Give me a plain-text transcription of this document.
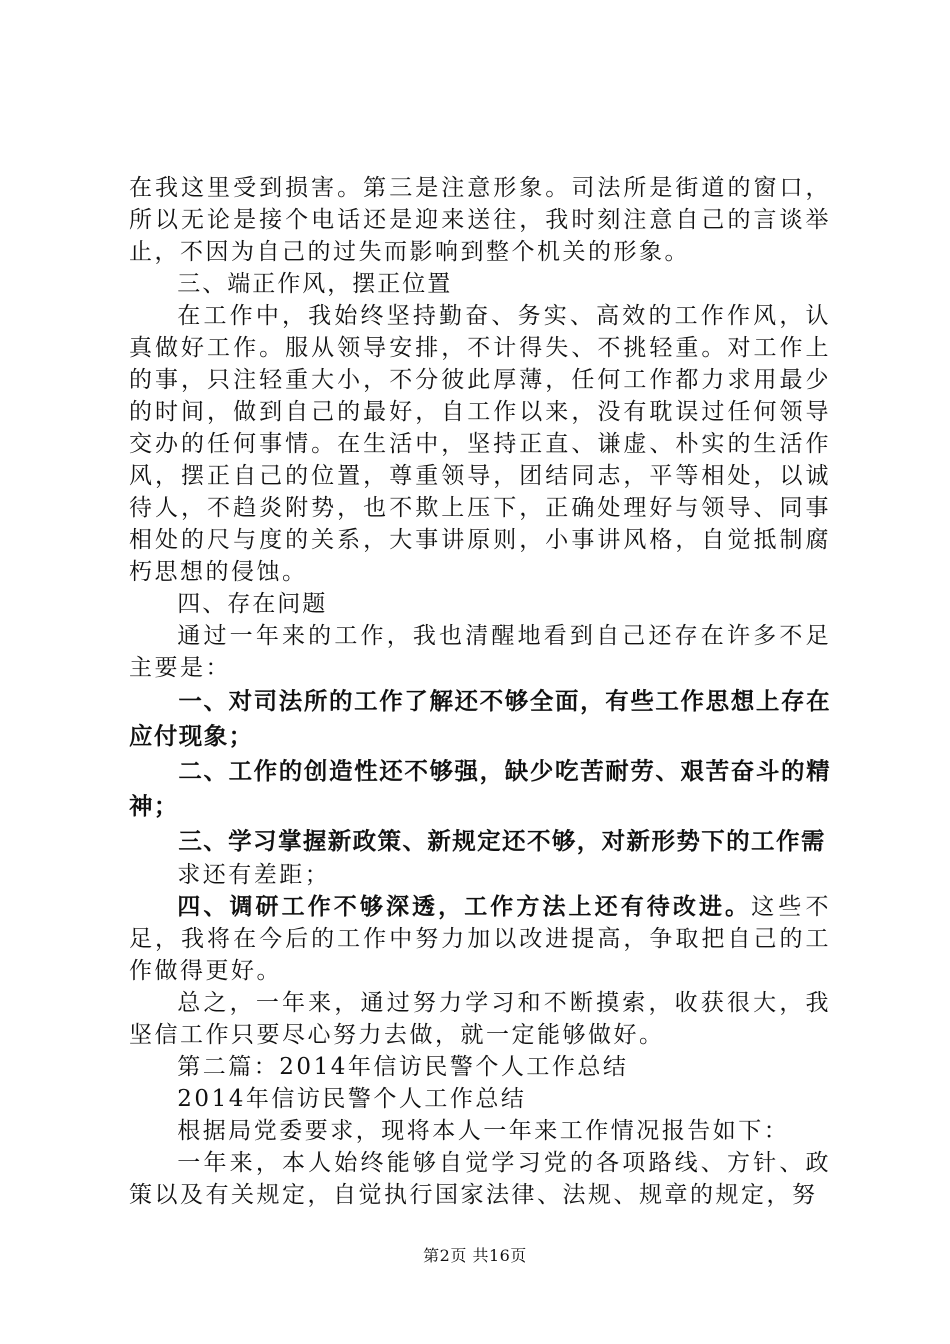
在我这里受到损害。第三是注意形象。司法所是街道的窗口，所以无论是接个电话还是迎来送往，我时刻注意自己的言谈举止，不因为自己的过失而影响到整个机关的形象。

三、端正作风，摆正位置

在工作中，我始终坚持勤奋、务实、高效的工作作风，认真做好工作。服从领导安排，不计得失、不挑轻重。对工作上的事，只注轻重大小，不分彼此厚薄，任何工作都力求用最少的时间，做到自己的最好，自工作以来，没有耽误过任何领导交办的任何事情。在生活中，坚持正直、谦虚、朴实的生活作风，摆正自己的位置，尊重领导，团结同志，平等相处，以诚待人，不趋炎附势，也不欺上压下，正确处理好与领导、同事相处的尺与度的关系，大事讲原则，小事讲风格，自觉抵制腐朽思想的侵蚀。

四、存在问题

通过一年来的工作，我也清醒地看到自己还存在许多不足主要是：

一、对司法所的工作了解还不够全面，有些工作思想上存在应付现象；

二、工作的创造性还不够强，缺少吃苦耐劳、艰苦奋斗的精神；

三、学习掌握新政策、新规定还不够，对新形势下的工作需

求还有差距；

四、调研工作不够深透，工作方法上还有待改进。这些不足，我将在今后的工作中努力加以改进提高，争取把自己的工作做得更好。

总之，一年来，通过努力学习和不断摸索，收获很大，我坚信工作只要尽心努力去做，就一定能够做好。

第二篇：2014年信访民警个人工作总结

2014年信访民警个人工作总结

根据局党委要求，现将本人一年来工作情况报告如下：

一年来，本人始终能够自觉学习党的各项路线、方针、政策以及有关规定，自觉执行国家法律、法规、规章的规定，努

第2页 共16页
